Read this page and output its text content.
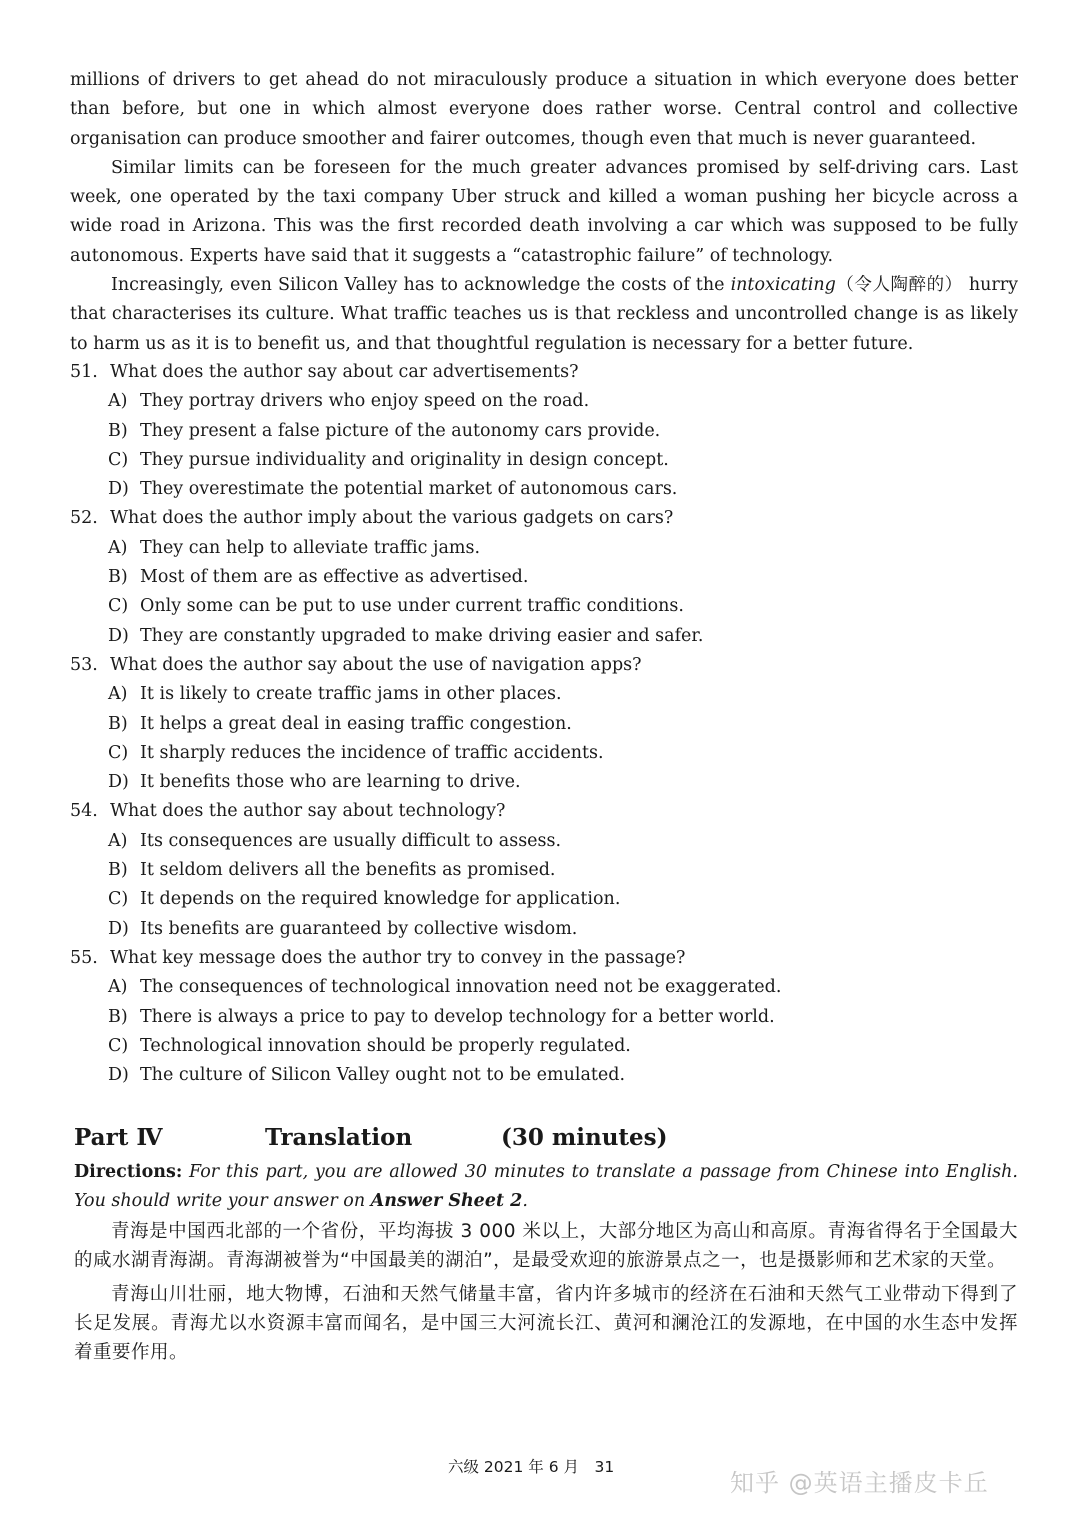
millions of drivers to get ahead do not miraculously produce a situation in which everyone does better than before, but one in which almost everyone does rather worse. Central control and collective organisation can produce smoother and fairer outcomes, though even that much is never guaranteed.

Similar limits can be foreseen for the much greater advances promised by self-driving cars. Last week, one operated by the taxi company Uber struck and killed a woman pushing her bicycle across a wide road in Arizona. This was the first recorded death involving a car which was supposed to be fully autonomous. Experts have said that it suggests a “catastrophic failure” of technology.

Increasingly, even Silicon Valley has to acknowledge the costs of the intoxicating（令人陶醉的） hurry that characterises its culture. What traffic teaches us is that reckless and uncontrolled change is as likely to harm us as it is to benefit us, and that thoughtful regulation is necessary for a better future.

51. What does the author say about car advertisements?

A) They portray drivers who enjoy speed on the road.

B) They present a false picture of the autonomy cars provide.

C) They pursue individuality and originality in design concept.

D) They overestimate the potential market of autonomous cars.

52. What does the author imply about the various gadgets on cars?

A) They can help to alleviate traffic jams.

B) Most of them are as effective as advertised.

C) Only some can be put to use under current traffic conditions.

D) They are constantly upgraded to make driving easier and safer.

53. What does the author say about the use of navigation apps?

A) It is likely to create traffic jams in other places.

B) It helps a great deal in easing traffic congestion.

C) It sharply reduces the incidence of traffic accidents.

D) It benefits those who are learning to drive.

54. What does the author say about technology?

A) Its consequences are usually difficult to assess.

B) It seldom delivers all the benefits as promised.

C) It depends on the required knowledge for application.

D) Its benefits are guaranteed by collective wisdom.

55. What key message does the author try to convey in the passage?

A) The consequences of technological innovation need not be exaggerated.

B) There is always a price to pay to develop technology for a better world.

C) Technological innovation should be properly regulated.

D) The culture of Silicon Valley ought not to be emulated.

Part Ⅳ	Translation	(30 minutes)

Directions: For this part, you are allowed 30 minutes to translate a passage from Chinese into English. You should write your answer on Answer Sheet 2.

青海是中国西北部的一个省份，平均海拔 3 000 米以上，大部分地区为高山和高原。青海省得名于全国最大的咸水湖青海湖。青海湖被誉为“中国最美的湖泊”，是最受欢迎的旅游景点之一，也是摄影师和艺术家的天堂。

青海山川壮丽，地大物博，石油和天然气储量丰富，省内许多城市的经济在石油和天然气工业带动下得到了长足发展。青海尤以水资源丰富而闻名，是中国三大河流长江、黄河和澜沧江的发源地，在中国的水生态中发挥着重要作用。

六级 2021 年 6 月　31
知乎 @英语主播皮卡丘
